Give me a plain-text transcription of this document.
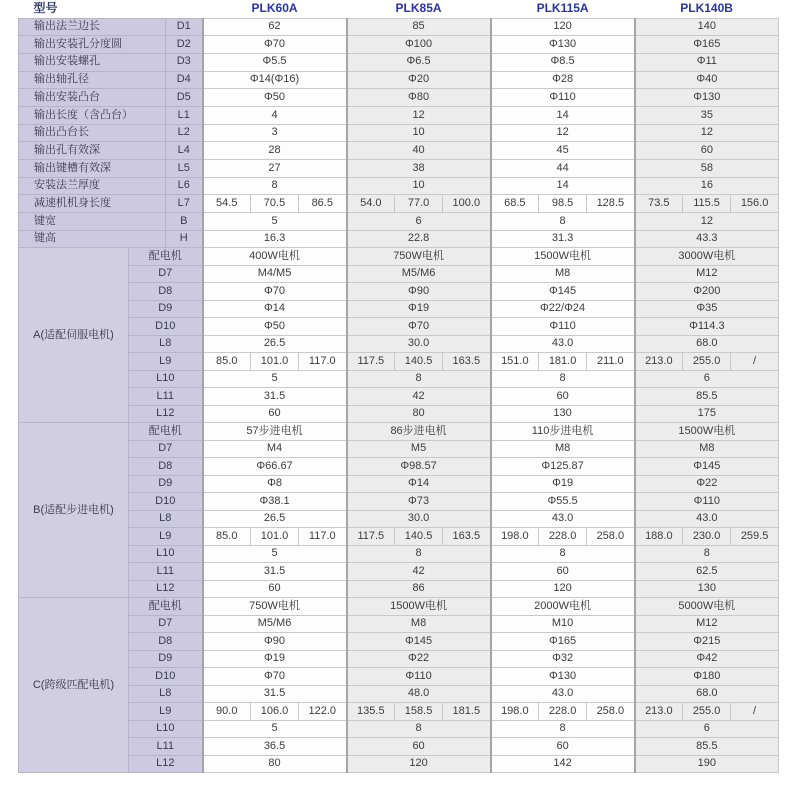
型号			PLK60A			PLK85A			PLK115A			PLK140B		
输出法兰边长		D1	62			85			120			140		
输出安装孔分度圆		D2	Φ70			Φ100			Φ130			Φ165		
输出安装螺孔		D3	Φ5.5			Φ6.5			Φ8.5			Φ11		
输出轴孔径		D4	Φ14(Φ16)			Φ20			Φ28			Φ40		
输出安装凸台		D5	Φ50			Φ80			Φ110			Φ130		
输出长度（含凸台）		L1	4			12			14			35		
输出凸台长		L2	3			10			12			12		
输出孔有效深		L4	28			40			45			60		
输出键槽有效深		L5	27			38			44			58		
安装法兰厚度		L6	8			10			14			16		
减速机机身长度		L7	54.5	70.5	86.5	54.0	77.0	100.0	68.5	98.5	128.5	73.5	115.5	156.0
键宽		B	5			6			8			12		
键高		H	16.3			22.8			31.3			43.3		
A(适配伺服电机)	配电机		400W电机			750W电机			1500W电机			3000W电机		
	D7		M4/M5			M5/M6			M8			M12		
	D8		Φ70			Φ90			Φ145			Φ200		
	D9		Φ14			Φ19			Φ22/Φ24			Φ35		
	D10		Φ50			Φ70			Φ110			Φ114.3		
	L8		26.5			30.0			43.0			68.0		
	L9		85.0	101.0	117.0	117.5	140.5	163.5	151.0	181.0	211.0	213.0	255.0	/
	L10		5			8			8			6		
	L11		31.5			42			60			85.5		
	L12		60			80			130			175		
B(适配步进电机)	配电机		57步进电机			86步进电机			110步进电机			1500W电机		
	D7		M4			M5			M8			M8		
	D8		Φ66.67			Φ98.57			Φ125.87			Φ145		
	D9		Φ8			Φ14			Φ19			Φ22		
	D10		Φ38.1			Φ73			Φ55.5			Φ110		
	L8		26.5			30.0			43.0			43.0		
	L9		85.0	101.0	117.0	117.5	140.5	163.5	198.0	228.0	258.0	188.0	230.0	259.5
	L10		5			8			8			8		
	L11		31.5			42			60			62.5		
	L12		60			86			120			130		
C(跨级匹配电机)	配电机		750W电机			1500W电机			2000W电机			5000W电机		
	D7		M5/M6			M8			M10			M12		
	D8		Φ90			Φ145			Φ165			Φ215		
	D9		Φ19			Φ22			Φ32			Φ42		
	D10		Φ70			Φ110			Φ130			Φ180		
	L8		31.5			48.0			43.0			68.0		
	L9		90.0	106.0	122.0	135.5	158.5	181.5	198.0	228.0	258.0	213.0	255.0	/
	L10		5			8			8			6		
	L11		36.5			60			60			85.5		
	L12		80			120			142			190		
